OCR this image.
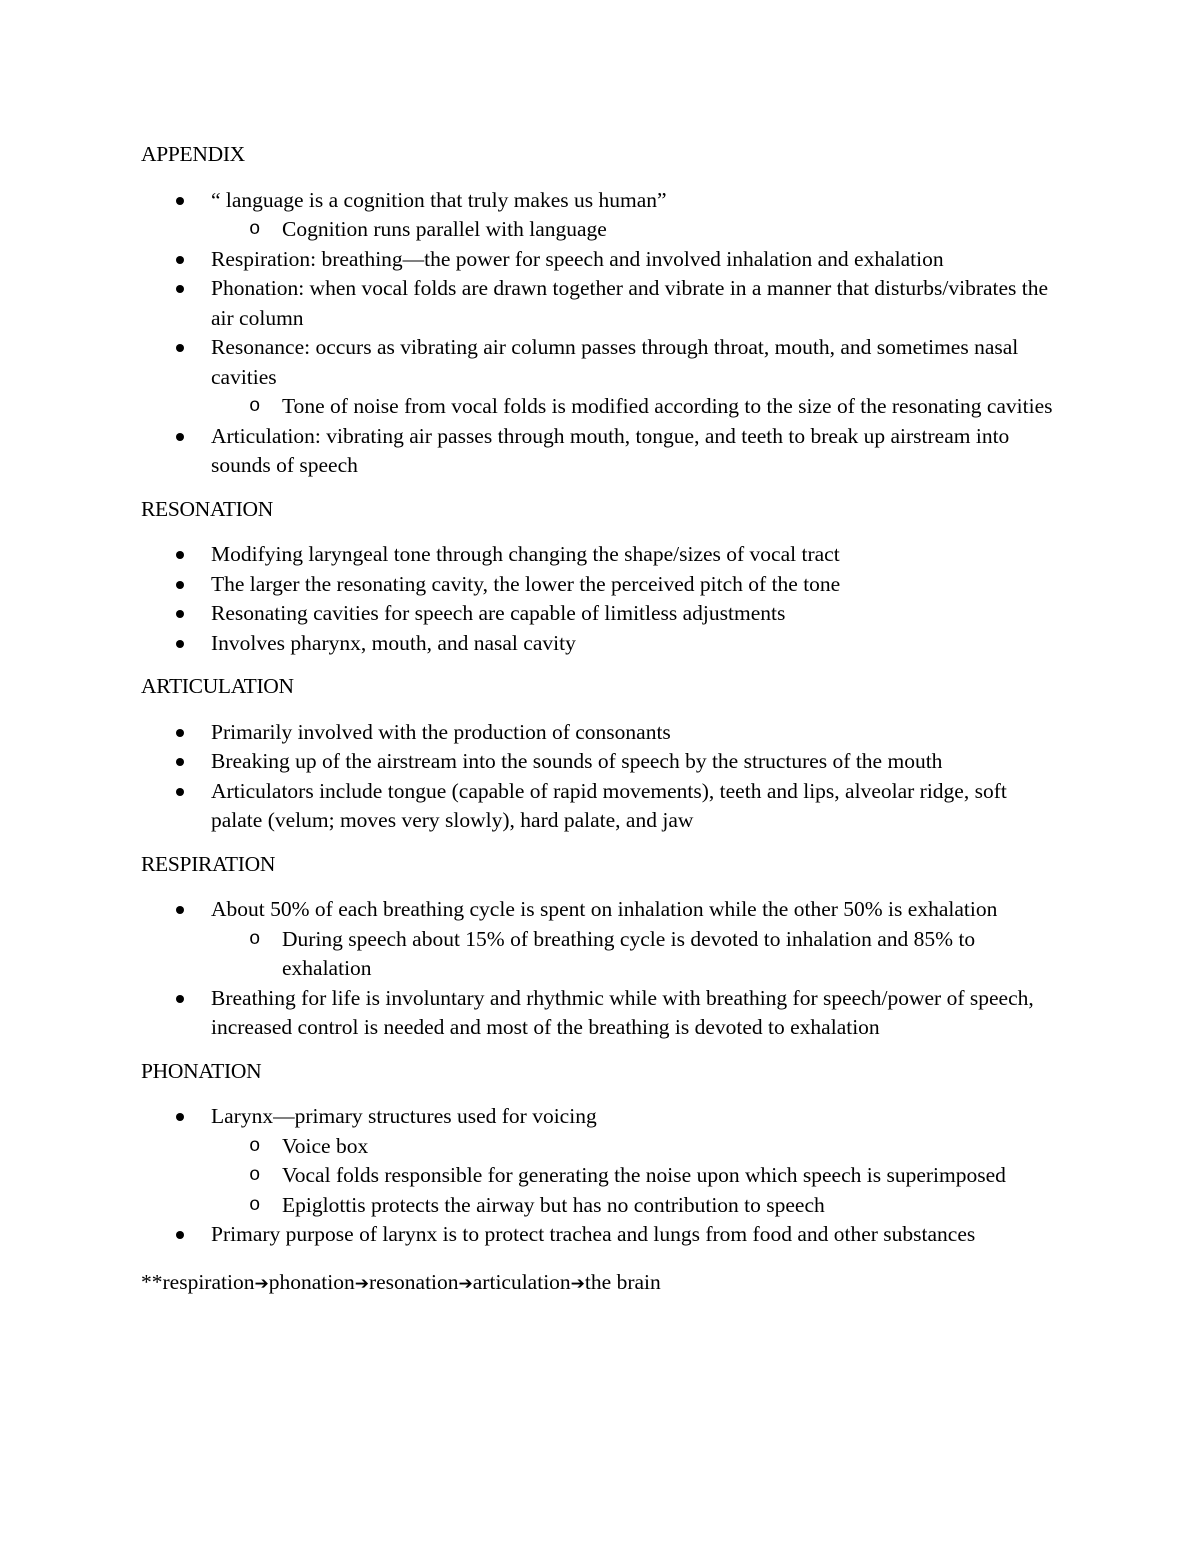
APPENDIX

“ language is a cognition that truly makes us human”
o Cognition runs parallel with language
Respiration: breathing—the power for speech and involved inhalation and exhalation
Phonation: when vocal folds are drawn together and vibrate in a manner that disturbs/vibrates the air column
Resonance: occurs as vibrating air column passes through throat, mouth, and sometimes nasal cavities
o Tone of noise from vocal folds is modified according to the size of the resonating cavities
Articulation: vibrating air passes through mouth, tongue, and teeth to break up airstream into sounds of speech

RESONATION

Modifying laryngeal tone through changing the shape/sizes of vocal tract
The larger the resonating cavity, the lower the perceived pitch of the tone
Resonating cavities for speech are capable of limitless adjustments
Involves pharynx, mouth, and nasal cavity

ARTICULATION

Primarily involved with the production of consonants
Breaking up of the airstream into the sounds of speech by the structures of the mouth
Articulators include tongue (capable of rapid movements), teeth and lips, alveolar ridge, soft palate (velum; moves very slowly), hard palate, and jaw

RESPIRATION

About 50% of each breathing cycle is spent on inhalation while the other 50% is exhalation
o During speech about 15% of breathing cycle is devoted to inhalation and 85% to exhalation
Breathing for life is involuntary and rhythmic while with breathing for speech/power of speech, increased control is needed and most of the breathing is devoted to exhalation

PHONATION

Larynx—primary structures used for voicing
o Voice box
o Vocal folds responsible for generating the noise upon which speech is superimposed
o Epiglottis protects the airway but has no contribution to speech
Primary purpose of larynx is to protect trachea and lungs from food and other substances
**respiration➔phonation➔resonation➔articulation➔the brain
